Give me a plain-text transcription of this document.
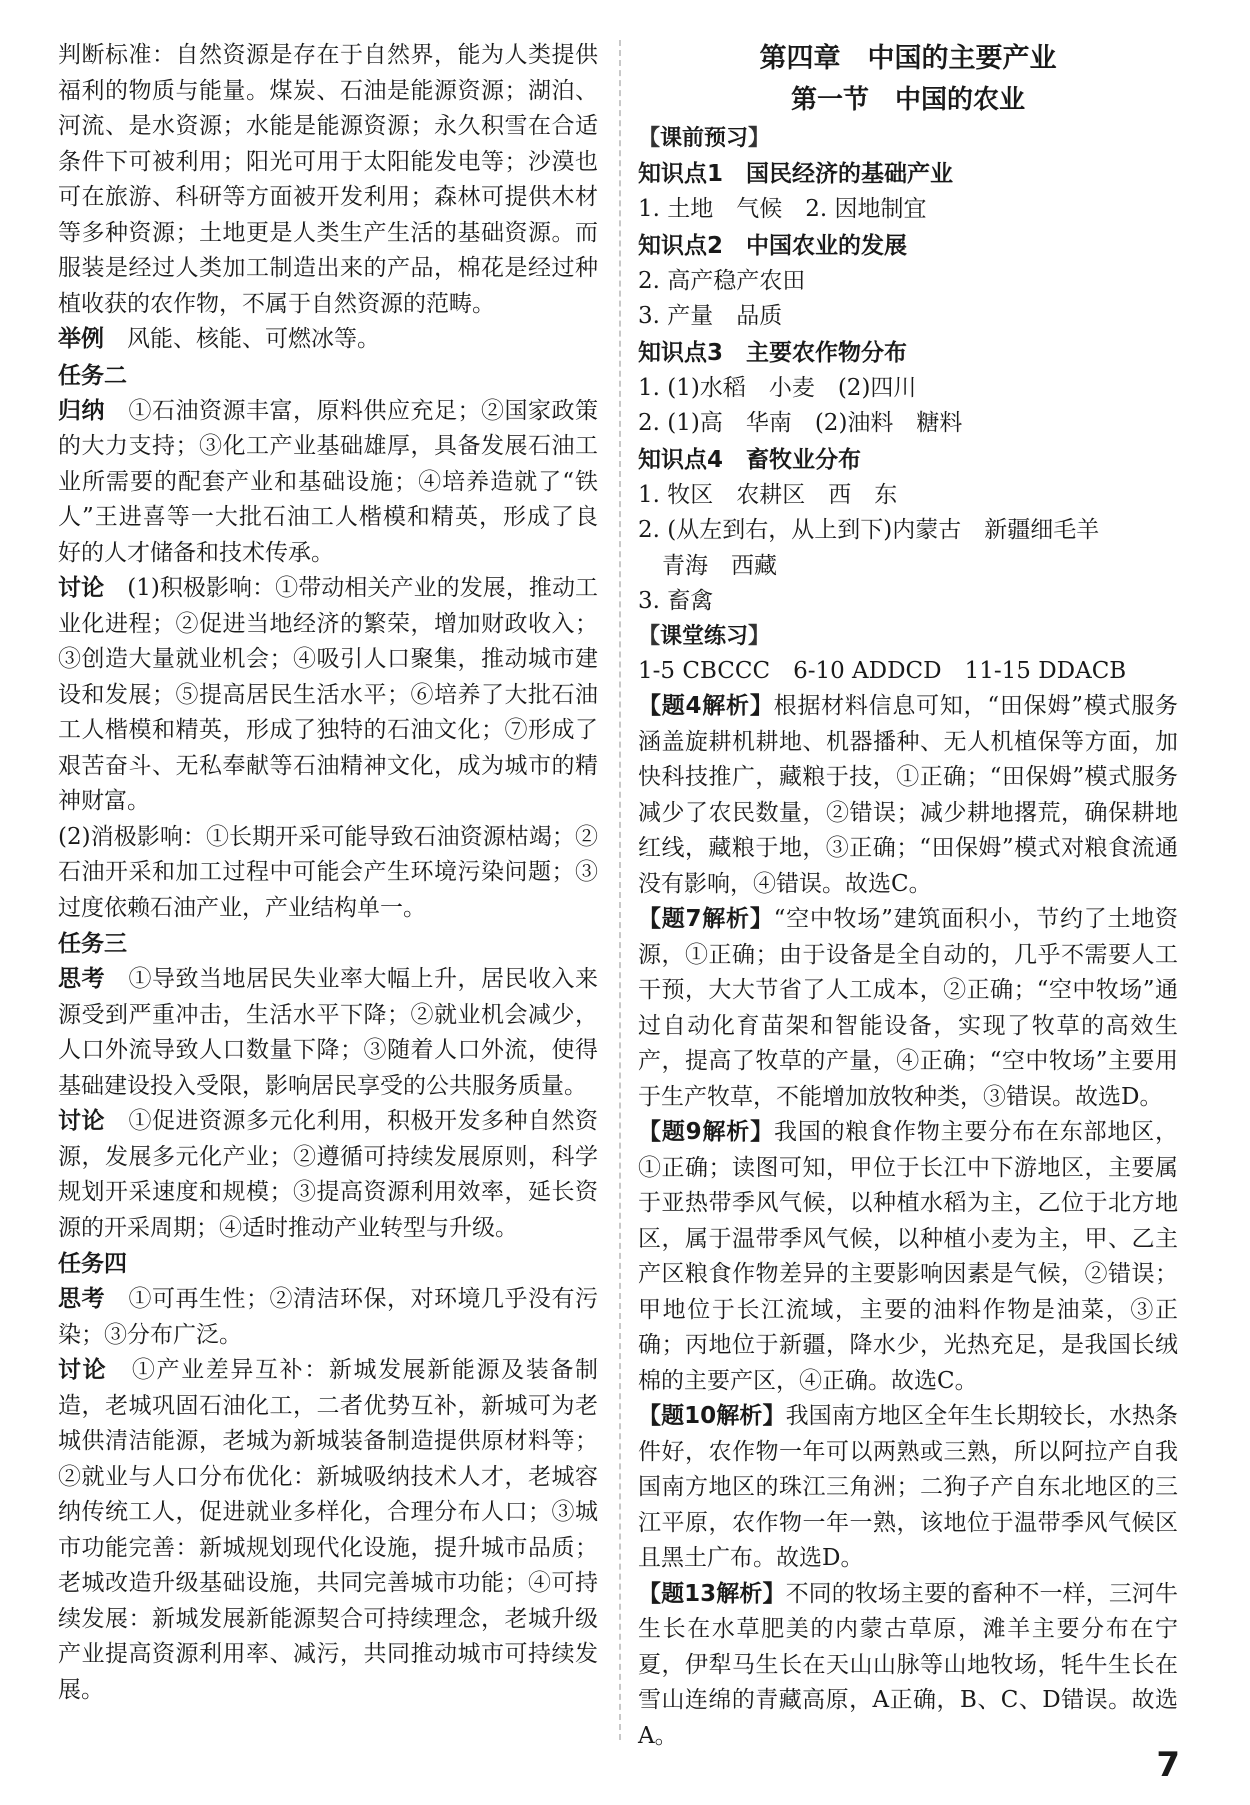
判断标准：自然资源是存在于自然界，能为人类提供福利的物质与能量。煤炭、石油是能源资源；湖泊、河流、是水资源；水能是能源资源；永久积雪在合适条件下可被利用；阳光可用于太阳能发电等；沙漠也可在旅游、科研等方面被开发利用；森林可提供木材等多种资源；土地更是人类生产生活的基础资源。而服装是经过人类加工制造出来的产品，棉花是经过种植收获的农作物，不属于自然资源的范畴。

举例　 风能、核能、可燃冰等。

任务二

归纳　 ①石油资源丰富，原料供应充足；②国家政策的大力支持；③化工产业基础雄厚，具备发展石油工业所需要的配套产业和基础设施；④培养造就了“铁人”王进喜等一大批石油工人楷模和精英，形成了良好的人才储备和技术传承。

讨论　 (1)积极影响：①带动相关产业的发展，推动工业化进程；②促进当地经济的繁荣，增加财政收入；③创造大量就业机会；④吸引人口聚集，推动城市建设和发展；⑤提高居民生活水平；⑥培养了大批石油工人楷模和精英，形成了独特的石油文化；⑦形成了艰苦奋斗、无私奉献等石油精神文化，成为城市的精神财富。

(2)消极影响：①长期开采可能导致石油资源枯竭；②石油开采和加工过程中可能会产生环境污染问题；③过度依赖石油产业，产业结构单一。

任务三

思考　 ①导致当地居民失业率大幅上升，居民收入来源受到严重冲击，生活水平下降；②就业机会减少，人口外流导致人口数量下降；③随着人口外流，使得基础建设投入受限，影响居民享受的公共服务质量。

讨论　 ①促进资源多元化利用，积极开发多种自然资源，发展多元化产业；②遵循可持续发展原则，科学规划开采速度和规模；③提高资源利用效率，延长资源的开采周期；④适时推动产业转型与升级。

任务四

思考　 ①可再生性；②清洁环保，对环境几乎没有污染；③分布广泛。

讨论　 ①产业差异互补：新城发展新能源及装备制造，老城巩固石油化工，二者优势互补，新城可为老城供清洁能源，老城为新城装备制造提供原材料等；②就业与人口分布优化：新城吸纳技术人才，老城容纳传统工人，促进就业多样化，合理分布人口；③城市功能完善：新城规划现代化设施，提升城市品质；老城改造升级基础设施，共同完善城市功能；④可持续发展：新城发展新能源契合可持续理念，老城升级产业提高资源利用率、减污，共同推动城市可持续发展。

第四章　中国的主要产业

第一节　中国的农业

【课前预习】

知识点1　国民经济的基础产业

1. 土地　气候　2. 因地制宜

知识点2　中国农业的发展

2. 高产稳产农田

3. 产量　品质

知识点3　主要农作物分布

1. (1)水稻　小麦　(2)四川

2. (1)高　华南　(2)油料　糖料

知识点4　畜牧业分布

1. 牧区　农耕区　西　东

2. (从左到右，从上到下)内蒙古　新疆细毛羊

青海　西藏

3. 畜禽

【课堂练习】

1-5 CBCCC　6-10 ADDCD　11-15 DDACB

【题4解析】根据材料信息可知，“田保姆”模式服务涵盖旋耕机耕地、机器播种、无人机植保等方面，加快科技推广，藏粮于技，①正确；“田保姆”模式服务减少了农民数量，②错误；减少耕地撂荒，确保耕地红线，藏粮于地，③正确；“田保姆”模式对粮食流通没有影响，④错误。故选C。

【题7解析】“空中牧场”建筑面积小，节约了土地资源，①正确；由于设备是全自动的，几乎不需要人工干预，大大节省了人工成本，②正确；“空中牧场”通过自动化育苗架和智能设备，实现了牧草的高效生产，提高了牧草的产量，④正确；“空中牧场”主要用于生产牧草，不能增加放牧种类，③错误。故选D。

【题9解析】我国的粮食作物主要分布在东部地区，①正确；读图可知，甲位于长江中下游地区，主要属于亚热带季风气候，以种植水稻为主，乙位于北方地区，属于温带季风气候，以种植小麦为主，甲、乙主产区粮食作物差异的主要影响因素是气候，②错误；甲地位于长江流域，主要的油料作物是油菜，③正确；丙地位于新疆，降水少，光热充足，是我国长绒棉的主要产区，④正确。故选C。

【题10解析】我国南方地区全年生长期较长，水热条件好，农作物一年可以两熟或三熟，所以阿拉产自我国南方地区的珠江三角洲；二狗子产自东北地区的三江平原，农作物一年一熟，该地位于温带季风气候区且黑土广布。故选D。

【题13解析】不同的牧场主要的畜种不一样，三河牛生长在水草肥美的内蒙古草原，滩羊主要分布在宁夏，伊犁马生长在天山山脉等山地牧场，牦牛生长在雪山连绵的青藏高原，A正确，B、C、D错误。故选A。

7
